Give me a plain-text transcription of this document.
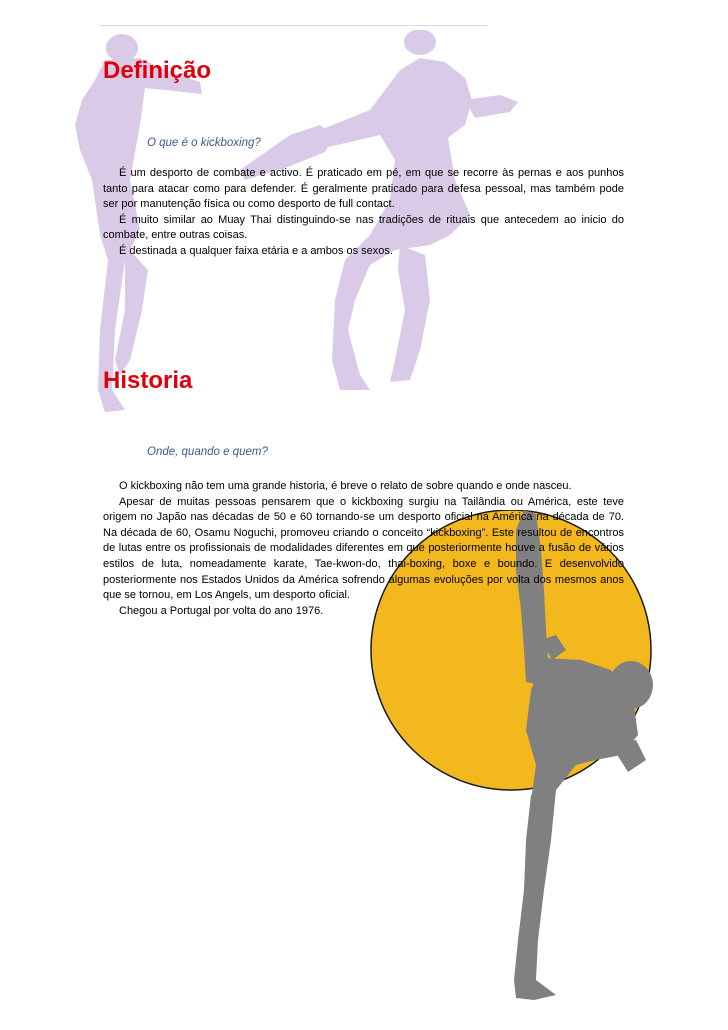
Definição

O que é o kickboxing?

É um desporto de combate e activo. É praticado em pé, em que se recorre às pernas e aos punhos tanto para atacar como para defender. É geralmente praticado para defesa pessoal, mas também pode ser por manutenção física ou como desporto de full contact.

É muito similar ao Muay Thai distinguindo-se nas tradições de rituais que antecedem ao inicio do combate, entre outras coisas.

É destinada a qualquer faixa etária e a ambos os sexos.

Historia

Onde, quando e quem?

O kickboxing não tem uma grande historia, é breve o relato de sobre quando e onde nasceu.

Apesar de muitas pessoas pensarem que o kickboxing surgiu na Tailândia ou América, este teve origem no Japão nas décadas de 50 e 60 tornando-se um desporto oficial na América na década de 70. Na década de 60, Osamu Noguchi, promoveu criando o conceito “kickboxing”. Este resultou de encontros de lutas entre os profissionais de modalidades diferentes em que posteriormente houve a fusão de vários estilos de luta, nomeadamente karate, Tae-kwon-do, thai-boxing, boxe e boundo. E desenvolvido posteriormente nos Estados Unidos da América sofrendo algumas evoluções por volta dos mesmos anos que se tornou, em Los Angels, um desporto oficial.

Chegou a Portugal por volta do ano 1976.
